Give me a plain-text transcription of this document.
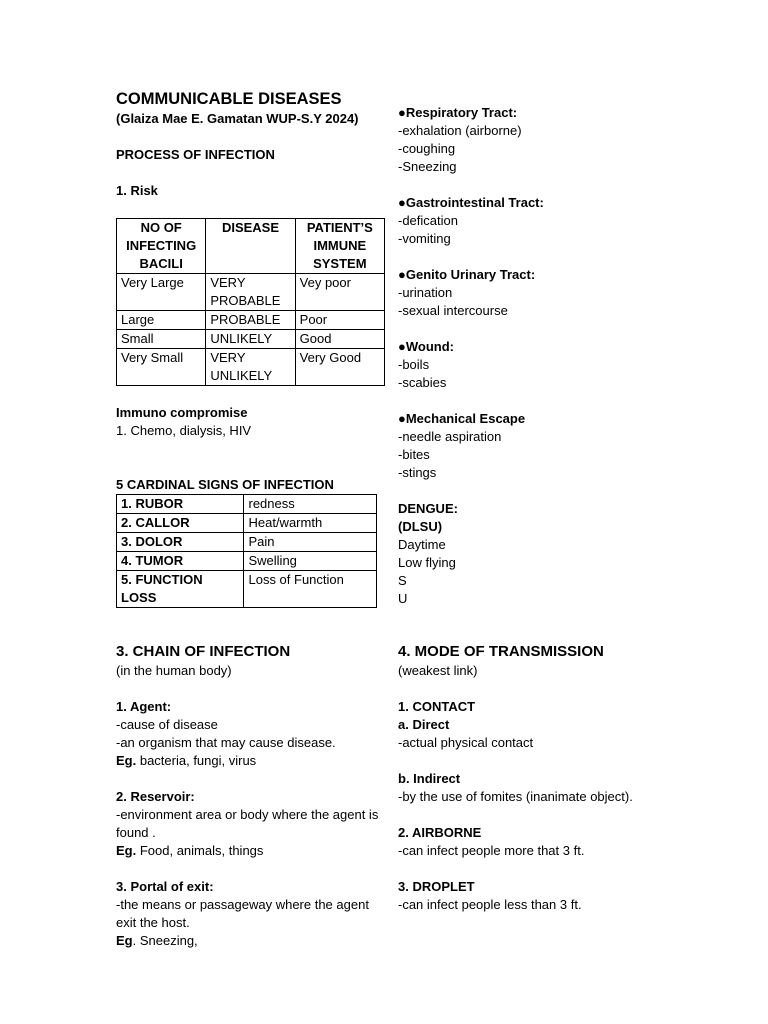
COMMUNICABLE DISEASES
(Glaiza Mae E. Gamatan WUP-S.Y 2024)
PROCESS OF INFECTION
1. Risk
NO OF INFECTING BACILI	DISEASE	PATIENT’S IMMUNE SYSTEM
Very Large	VERY PROBABLE	Vey poor
Large	PROBABLE	Poor
Small	UNLIKELY	Good
Very Small	VERY UNLIKELY	Very Good
Immuno compromise
1. Chemo, dialysis, HIV
5 CARDINAL SIGNS OF INFECTION
1. RUBOR	redness
2. CALLOR	Heat/warmth
3. DOLOR	Pain
4. TUMOR	Swelling
5. FUNCTION LOSS	Loss of Function
3. CHAIN OF INFECTION
(in the human body)
1. Agent:
-cause of disease
-an organism that may cause disease.
Eg. bacteria, fungi, virus
2. Reservoir:
-environment area or body where the agent is found .
Eg. Food, animals, things
3. Portal of exit:
-the means or passageway where the agent exit the host.
Eg. Sneezing,
●Respiratory Tract:
-exhalation (airborne)
-coughing
-Sneezing
●Gastrointestinal Tract:
-defication
-vomiting
●Genito Urinary Tract:
-urination
-sexual intercourse
●Wound:
-boils
-scabies
●Mechanical Escape
-needle aspiration
-bites
-stings
DENGUE:
(DLSU)
Daytime
Low flying
S
U
4. MODE OF TRANSMISSION
(weakest link)
1. CONTACT
a. Direct
-actual physical contact
b. Indirect
-by the use of fomites (inanimate object).
2. AIRBORNE
-can infect people more that 3 ft.
3. DROPLET
-can infect people less than 3 ft.
